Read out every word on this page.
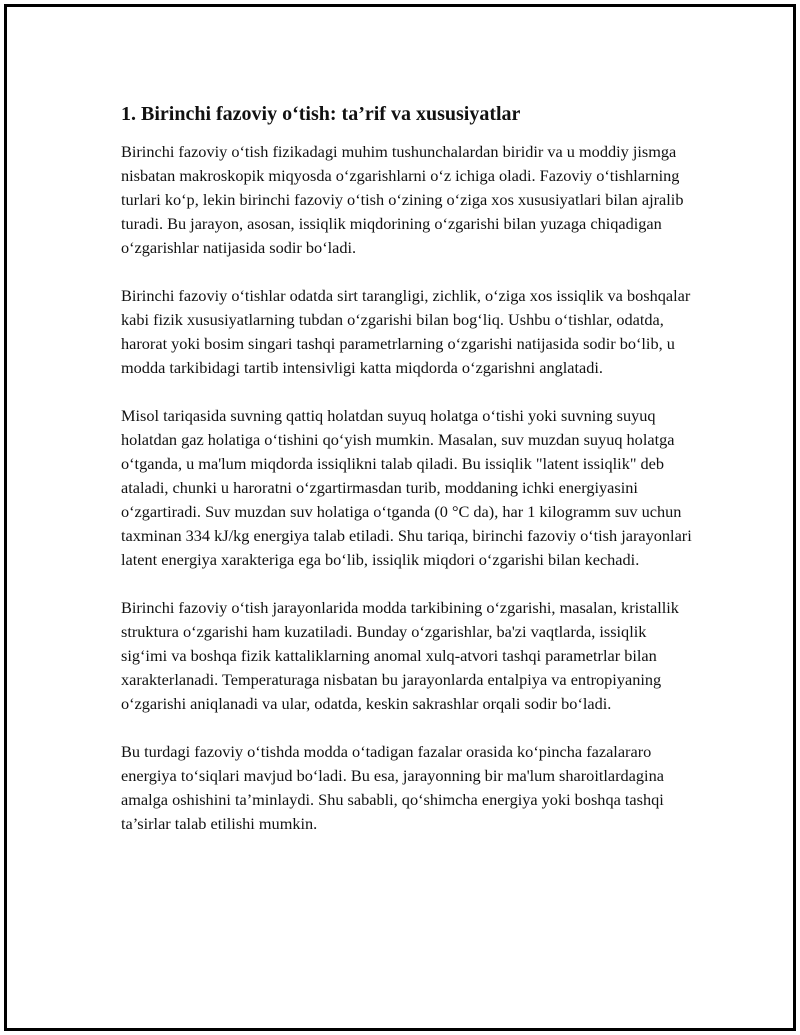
1. Birinchi fazoviy oʻtish: ta’rif va xususiyatlar

Birinchi fazoviy oʻtish fizikadagi muhim tushunchalardan biridir va u moddiy jismga nisbatan makroskopik miqyosda oʻzgarishlarni oʻz ichiga oladi. Fazoviy oʻtishlarning turlari koʻp, lekin birinchi fazoviy oʻtish oʻzining oʻziga xos xususiyatlari bilan ajralib turadi. Bu jarayon, asosan, issiqlik miqdorining oʻzgarishi bilan yuzaga chiqadigan oʻzgarishlar natijasida sodir boʻladi.

Birinchi fazoviy oʻtishlar odatda sirt tarangligi, zichlik, oʻziga xos issiqlik va boshqalar kabi fizik xususiyatlarning tubdan oʻzgarishi bilan bogʻliq. Ushbu oʻtishlar, odatda, harorat yoki bosim singari tashqi parametrlarning oʻzgarishi natijasida sodir boʻlib, u modda tarkibidagi tartib intensivligi katta miqdorda oʻzgarishni anglatadi.

Misol tariqasida suvning qattiq holatdan suyuq holatga oʻtishi yoki suvning suyuq holatdan gaz holatiga oʻtishini qoʻyish mumkin. Masalan, suv muzdan suyuq holatga oʻtganda, u ma'lum miqdorda issiqlikni talab qiladi. Bu issiqlik "latent issiqlik" deb ataladi, chunki u haroratni oʻzgartirmasdan turib, moddaning ichki energiyasini oʻzgartiradi. Suv muzdan suv holatiga oʻtganda (0 °C da), har 1 kilogramm suv uchun taxminan 334 kJ/kg energiya talab etiladi. Shu tariqa, birinchi fazoviy oʻtish jarayonlari latent energiya xarakteriga ega boʻlib, issiqlik miqdori oʻzgarishi bilan kechadi.

Birinchi fazoviy oʻtish jarayonlarida modda tarkibining oʻzgarishi, masalan, kristallik struktura oʻzgarishi ham kuzatiladi. Bunday oʻzgarishlar, ba'zi vaqtlarda, issiqlik sigʻimi va boshqa fizik kattaliklarning anomal xulq-atvori tashqi parametrlar bilan xarakterlanadi. Temperaturaga nisbatan bu jarayonlarda entalpiya va entropiyaning oʻzgarishi aniqlanadi va ular, odatda, keskin sakrashlar orqali sodir boʻladi.

Bu turdagi fazoviy oʻtishda modda oʻtadigan fazalar orasida koʻpincha fazalararo energiya toʻsiqlari mavjud boʻladi. Bu esa, jarayonning bir ma'lum sharoitlardagina amalga oshishini ta’minlaydi. Shu sababli, qoʻshimcha energiya yoki boshqa tashqi ta’sirlar talab etilishi mumkin.
